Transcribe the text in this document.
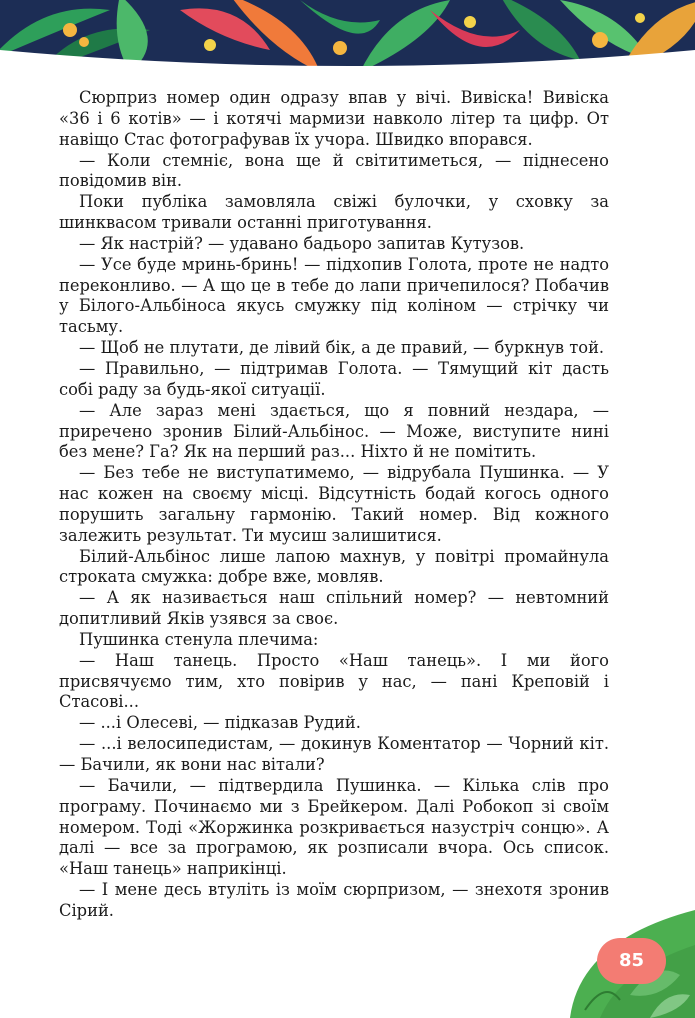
Сюрприз номер один одразу впав у вічі. Вивіска! Вивіска «36 і 6 котів» — і котячі мармизи навколо літер та цифр. От навіщо Стас фотографував їх учора. Швидко впорався.

— Коли стемніє, вона ще й світитиметься, — піднесено повідомив він.

Поки публіка замовляла свіжі булочки, у сховку за шинквасом тривали останні приготування.

— Як настрій? — удавано бадьоро запитав Кутузов.

— Усе буде мринь-бринь! — підхопив Голота, проте не надто переконливо. — А що це в тебе до лапи причепилося? Побачив у Білого-Альбіноса якусь смужку під коліном — стрічку чи тасьму.

— Щоб не плутати, де лівий бік, а де правий, — буркнув той.

— Правильно, — підтримав Голота. — Тямущий кіт дасть собі раду за будь-якої ситуації.

— Але зараз мені здається, що я повний нездара, — приречено зронив Білий-Альбінос. — Може, виступите нині без мене? Га? Як на перший раз... Ніхто й не помітить.

— Без тебе не виступатимемо, — відрубала Пушинка. — У нас кожен на своєму місці. Відсутність бодай когось одного порушить загальну гармонію. Такий номер. Від кожного залежить результат. Ти мусиш залишитися.

Білий-Альбінос лише лапою махнув, у повітрі промайнула строката смужка: добре вже, мовляв.

— А як називається наш спільний номер? — невтомний допитливий Яків узявся за своє.

Пушинка стенула плечима:

— Наш танець. Просто «Наш танець». І ми його присвячуємо тим, хто повірив у нас, — пані Креповій і Стасові...

— ...і Олесеві, — підказав Рудий.

— ...і велосипедистам, — докинув Коментатор — Чорний кіт. — Бачили, як вони нас вітали?

— Бачили, — підтвердила Пушинка. — Кілька слів про програму. Починаємо ми з Брейкером. Далі Робокоп зі своїм номером. Тоді «Жоржинка розкривається назустріч сонцю». А далі — все за програмою, як розписали вчора. Ось список. «Наш танець» наприкінці.

— І мене десь втуліть із моїм сюрпризом, — знехотя зронив Сірий.

85
